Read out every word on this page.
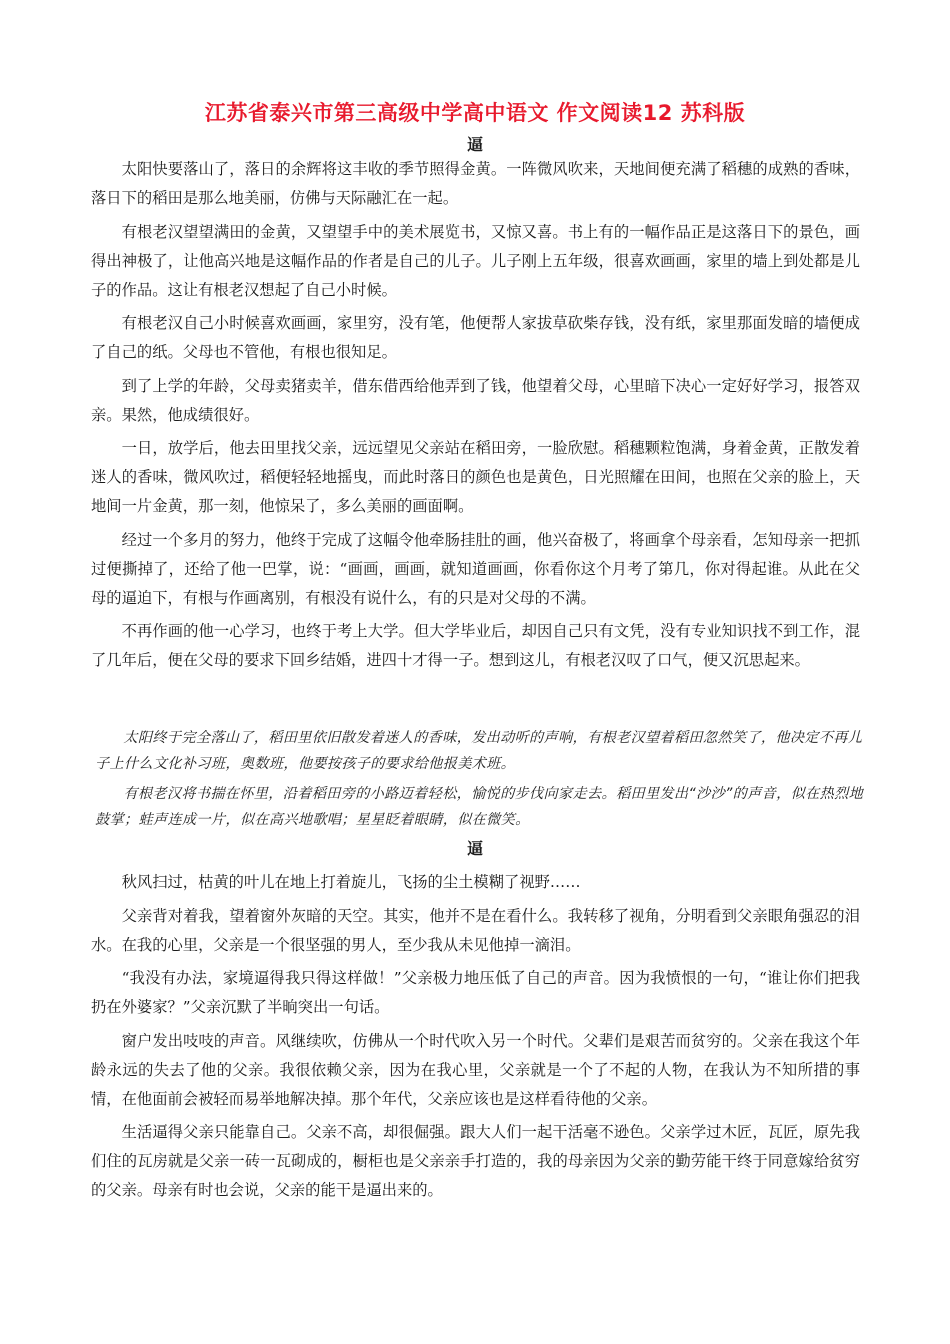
江苏省泰兴市第三高级中学高中语文 作文阅读12 苏科版
逼

太阳快要落山了，落日的余辉将这丰收的季节照得金黄。一阵微风吹来，天地间便充满了稻穗的成熟的香味，落日下的稻田是那么地美丽，仿佛与天际融汇在一起。

有根老汉望望满田的金黄，又望望手中的美术展览书，又惊又喜。书上有的一幅作品正是这落日下的景色，画得出神极了，让他高兴地是这幅作品的作者是自己的儿子。儿子刚上五年级，很喜欢画画，家里的墙上到处都是儿子的作品。这让有根老汉想起了自己小时候。

有根老汉自己小时候喜欢画画，家里穷，没有笔，他便帮人家拔草砍柴存钱，没有纸，家里那面发暗的墙便成了自己的纸。父母也不管他，有根也很知足。

到了上学的年龄，父母卖猪卖羊，借东借西给他弄到了钱，他望着父母，心里暗下决心一定好好学习，报答双亲。果然，他成绩很好。

一日，放学后，他去田里找父亲，远远望见父亲站在稻田旁，一脸欣慰。稻穗颗粒饱满，身着金黄，正散发着迷人的香味，微风吹过，稻便轻轻地摇曳，而此时落日的颜色也是黄色，日光照耀在田间，也照在父亲的脸上，天地间一片金黄，那一刻，他惊呆了，多么美丽的画面啊。

经过一个多月的努力，他终于完成了这幅令他牵肠挂肚的画，他兴奋极了，将画拿个母亲看，怎知母亲一把抓过便撕掉了，还给了他一巴掌，说：“画画，画画，就知道画画，你看你这个月考了第几，你对得起谁。从此在父母的逼迫下，有根与作画离别，有根没有说什么，有的只是对父母的不满。

不再作画的他一心学习，也终于考上大学。但大学毕业后，却因自己只有文凭，没有专业知识找不到工作，混了几年后，便在父母的要求下回乡结婚，进四十才得一子。想到这儿，有根老汉叹了口气，便又沉思起来。

太阳终于完全落山了，稻田里依旧散发着迷人的香味，发出动听的声响，有根老汉望着稻田忽然笑了，他决定不再儿子上什么文化补习班，奥数班，他要按孩子的要求给他报美术班。

有根老汉将书揣在怀里，沿着稻田旁的小路迈着轻松，愉悦的步伐向家走去。稻田里发出“沙沙”的声音，似在热烈地鼓掌；蛙声连成一片，似在高兴地歌唱；星星眨着眼睛，似在微笑。

逼

秋风扫过，枯黄的叶儿在地上打着旋儿，飞扬的尘土模糊了视野……

父亲背对着我，望着窗外灰暗的天空。其实，他并不是在看什么。我转移了视角，分明看到父亲眼角强忍的泪水。在我的心里，父亲是一个很坚强的男人，至少我从未见他掉一滴泪。

“我没有办法，家境逼得我只得这样做！”父亲极力地压低了自己的声音。因为我愤恨的一句，“谁让你们把我扔在外婆家？”父亲沉默了半晌突出一句话。

窗户发出吱吱的声音。风继续吹，仿佛从一个时代吹入另一个时代。父辈们是艰苦而贫穷的。父亲在我这个年龄永远的失去了他的父亲。我很依赖父亲，因为在我心里，父亲就是一个了不起的人物，在我认为不知所措的事情，在他面前会被轻而易举地解决掉。那个年代，父亲应该也是这样看待他的父亲。

生活逼得父亲只能靠自己。父亲不高，却很倔强。跟大人们一起干活毫不逊色。父亲学过木匠，瓦匠，原先我们住的瓦房就是父亲一砖一瓦砌成的，橱柜也是父亲亲手打造的，我的母亲因为父亲的勤劳能干终于同意嫁给贫穷的父亲。母亲有时也会说，父亲的能干是逼出来的。
